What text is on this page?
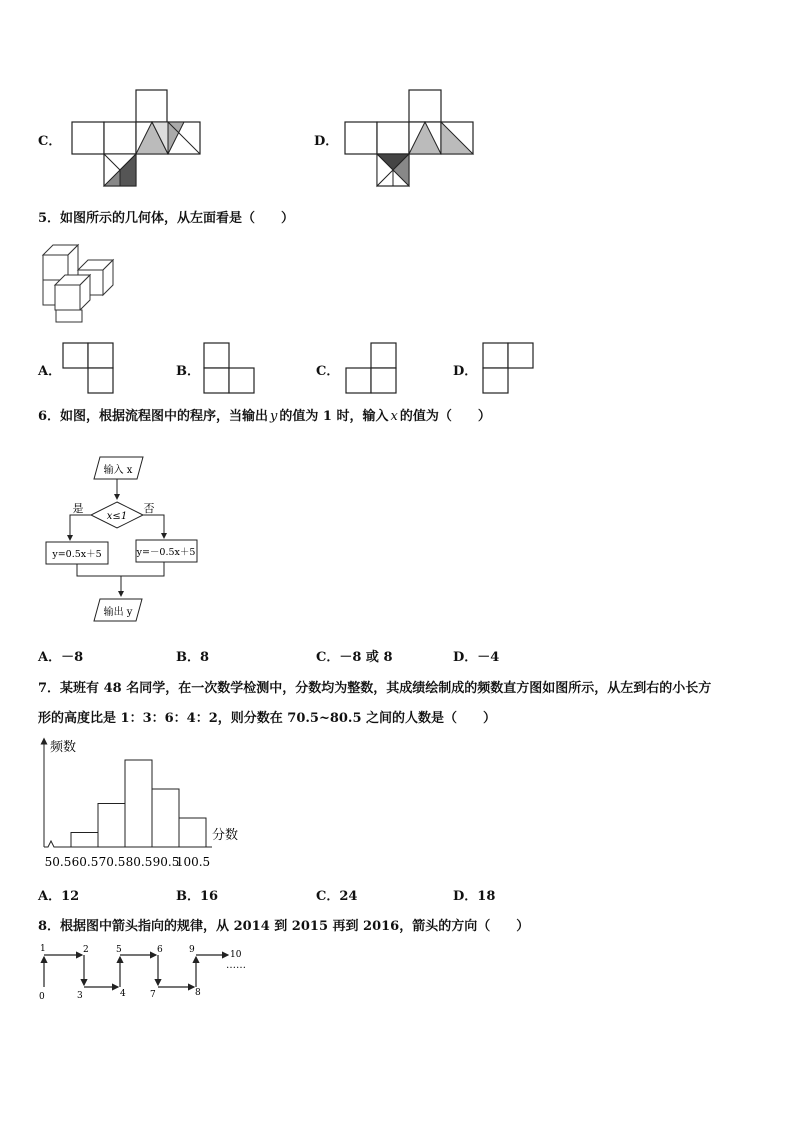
C．	D．
5．如图所示的几何体，从左面看是（　　）
A．	B．	C．	D．
6．如图，根据流程图中的程序，当输出 y 的值为 1 时，输入 x 的值为（　　）
输入 x
x≤1
是	否
y=0.5x＋5	y=－0.5x＋5
输出 y
A．－8	B．8	C．－8 或 8	D．－4
7．某班有 48 名同学，在一次数学检测中，分数均为整数，其成绩绘制成的频数直方图如图所示，从左到右的小长方
形的高度比是 1：3：6：4：2，则分数在 70.5~80.5 之间的人数是（　　）
频数
分数
50.5 60.5 70.5 80.5 90.5
100.5
A．12	B．16	C．24	D．18
8．根据图中箭头指向的规律，从 2014 到 2015 再到 2016，箭头的方向（　　）
0
1	2
3	4
5	6
7	8
9	10
……
